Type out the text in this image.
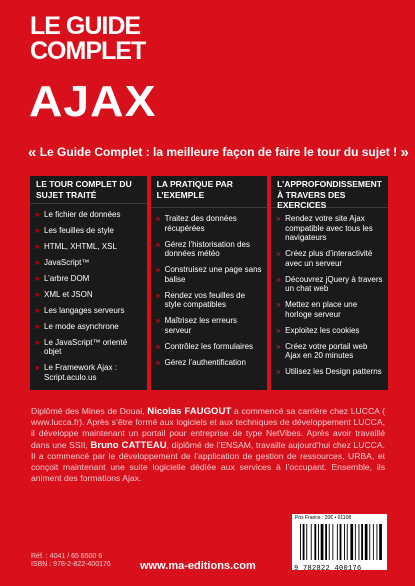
LE GUIDE
COMPLET
AJAX
« Le Guide Complet : la meilleure façon de faire le tour du sujet ! »
LE TOUR COMPLET DU SUJET TRAITÉ
» Le fichier de données
» Les feuilles de style
» HTML, XHTML, XSL
» JavaScript™
» L’arbre DOM
» XML et JSON
» Les langages serveurs
» Le mode asynchrone
» Le JavaScript™ orienté objet
» Le Framework Ajax : Script.aculo.us
LA PRATIQUE PAR L’EXEMPLE
» Traitez des données récupérées
» Gérez l’historisation des données météo
» Construisez une page sans balise
» Rendez vos feuilles de style compatibles
» Maîtrisez les erreurs serveur
» Contrôlez les formulaires
» Gérez l’authentification
L’APPROFONDISSEMENT À TRAVERS DES EXERCICES
» Rendez votre site Ajax compatible avec tous les navigateurs
» Créez plus d’interactivité avec un serveur
» Découvrez jQuery à travers un chat web
» Mettez en place une horloge serveur
» Exploitez les cookies
» Créez votre portail web Ajax en 20 minutes
» Utilisez les Design patterns
Diplômé des Mines de Douai, Nicolas FAUGOUT a commencé sa carrière chez LUCCA ( www.lucca.fr). Après s’être formé aux logiciels et aux techniques de développement LUCCA, il développe maintenant un portail pour entreprise de type NetVibes. Après avoir travaillé dans une SSII, Bruno CATTEAU, diplômé de l’ENSAM, travaille aujourd’hui chez LUCCA. Il a commencé par le développement de l’application de gestion de ressources, URBA, et conçoit maintenant une suite logicielle dédiée aux services à l’occupant. Ensemble, ils animent des formations Ajax.
Prix France : 20€ • 01108
9 782822 400176
Réf. : 4041 / 65 6500 6
ISBN : 978-2-822-400176	www.ma-editions.com
